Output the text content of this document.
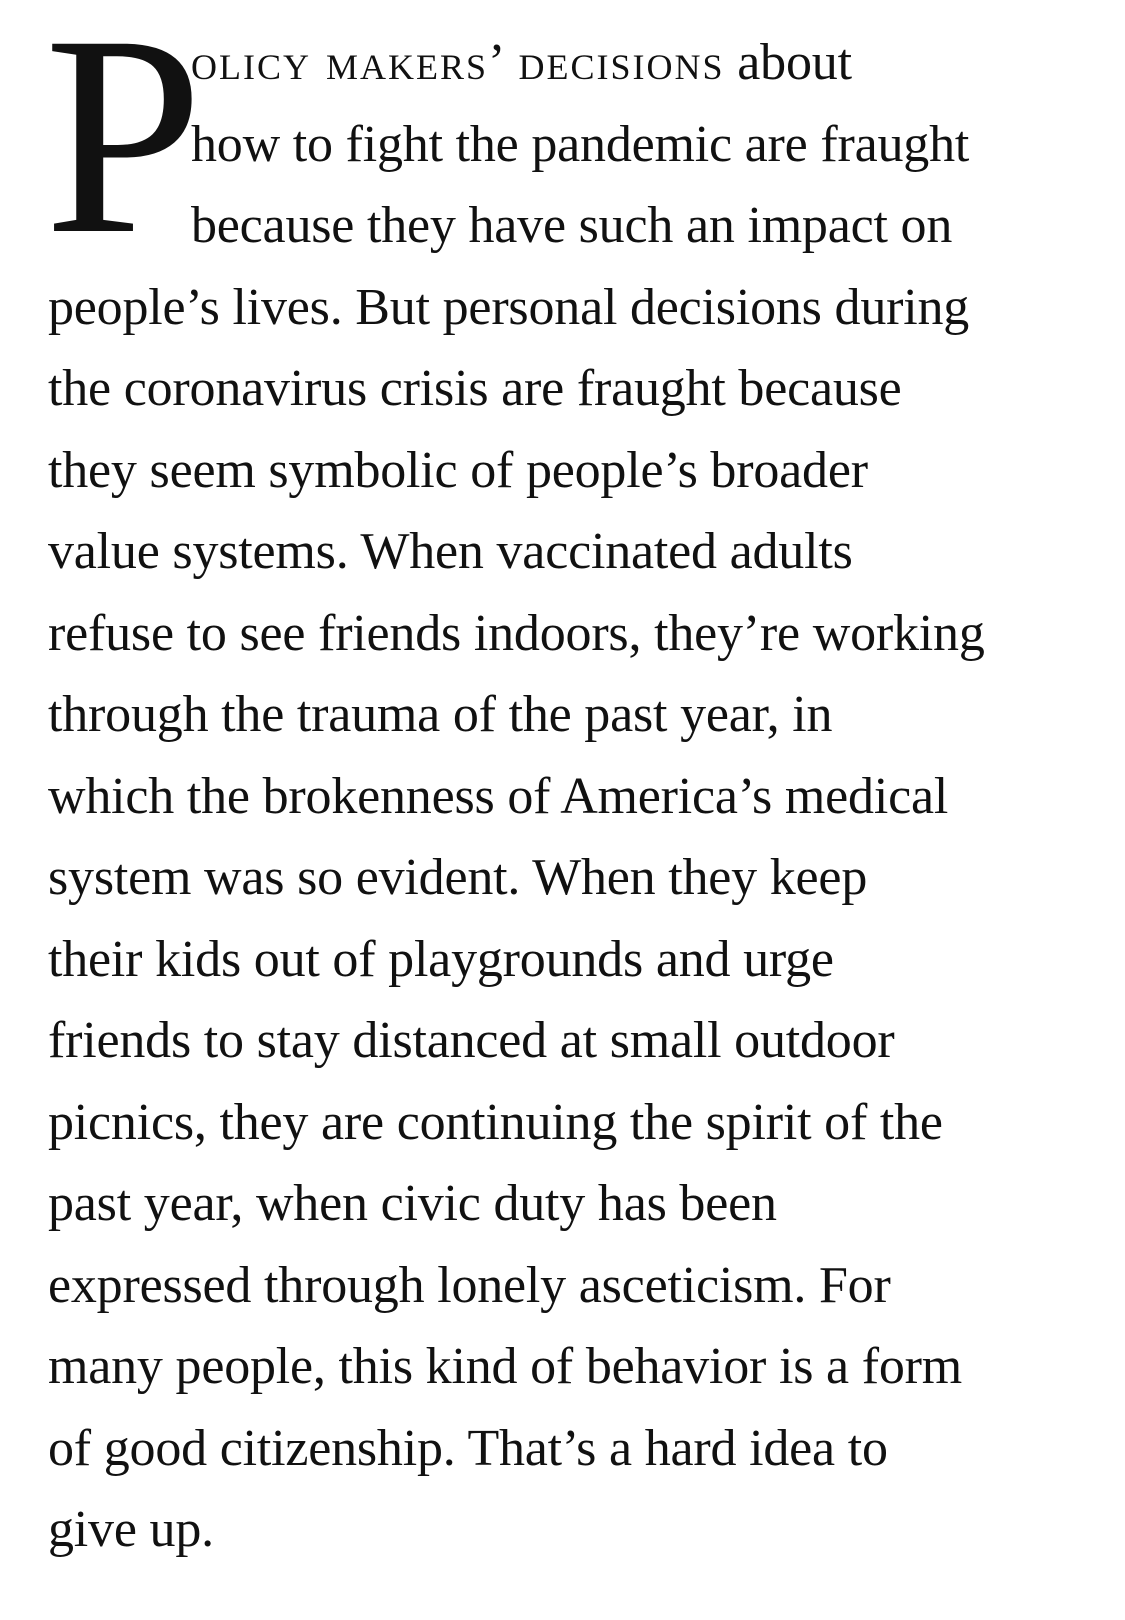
P

olicy makers’ decisions about
how to fight the pandemic are fraught
because they have such an impact on
people’s lives. But personal decisions during
the coronavirus crisis are fraught because
they seem symbolic of people’s broader
value systems. When vaccinated adults
refuse to see friends indoors, they’re working
through the trauma of the past year, in
which the brokenness of America’s medical
system was so evident. When they keep
their kids out of playgrounds and urge
friends to stay distanced at small outdoor
picnics, they are continuing the spirit of the
past year, when civic duty has been
expressed through lonely asceticism. For
many people, this kind of behavior is a form
of good citizenship. That’s a hard idea to
give up.
